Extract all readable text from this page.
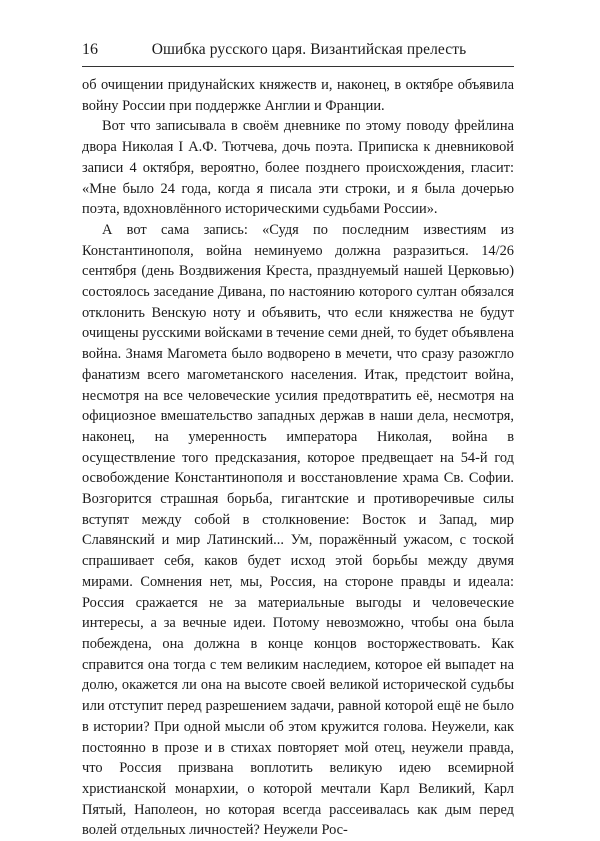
16	Ошибка русского царя. Византийская прелесть

об очищении придунайских княжеств и, наконец, в октябре объявила войну России при поддержке Англии и Франции.

Вот что записывала в своём дневнике по этому поводу фрейлина двора Николая I А.Ф. Тютчева, дочь поэта. Приписка к дневниковой записи 4 октября, вероятно, более позднего происхождения, гласит: «Мне было 24 года, когда я писала эти строки, и я была дочерью поэта, вдохновлённого историческими судьбами России».

А вот сама запись: «Судя по последним известиям из Константинополя, война неминуемо должна разразиться. 14/26 сентября (день Воздвижения Креста, празднуемый нашей Церковью) состоялось заседание Дивана, по настоянию которого султан обязался отклонить Венскую ноту и объявить, что если княжества не будут очищены русскими войсками в течение семи дней, то будет объявлена война. Знамя Магомета было водворено в мечети, что сразу разожгло фанатизм всего магометанского населения. Итак, предстоит война, несмотря на все человеческие усилия предотвратить её, несмотря на официозное вмешательство западных держав в наши дела, несмотря, наконец, на умеренность императора Николая, война в осуществление того предсказания, которое предвещает на 54-й год освобождение Константинополя и восстановление храма Св. Софии. Возгорится страшная борьба, гигантские и противоречивые силы вступят между собой в столкновение: Восток и Запад, мир Славянский и мир Латинский... Ум, поражённый ужасом, с тоской спрашивает себя, каков будет исход этой борьбы между двумя мирами. Сомнения нет, мы, Россия, на стороне правды и идеала: Россия сражается не за материальные выгоды и человеческие интересы, а за вечные идеи. Потому невозможно, чтобы она была побеждена, она должна в конце концов восторжествовать. Как справится она тогда с тем великим наследием, которое ей выпадет на долю, окажется ли она на высоте своей великой исторической судьбы или отступит перед разрешением задачи, равной которой ещё не было в истории? При одной мысли об этом кружится голова. Неужели, как постоянно в прозе и в стихах повторяет мой отец, неужели правда, что Россия призвана воплотить великую идею всемирной христианской монархии, о которой мечтали Карл Великий, Карл Пятый, Наполеон, но которая всегда рассеивалась как дым перед волей отдельных личностей? Неужели Рос-
